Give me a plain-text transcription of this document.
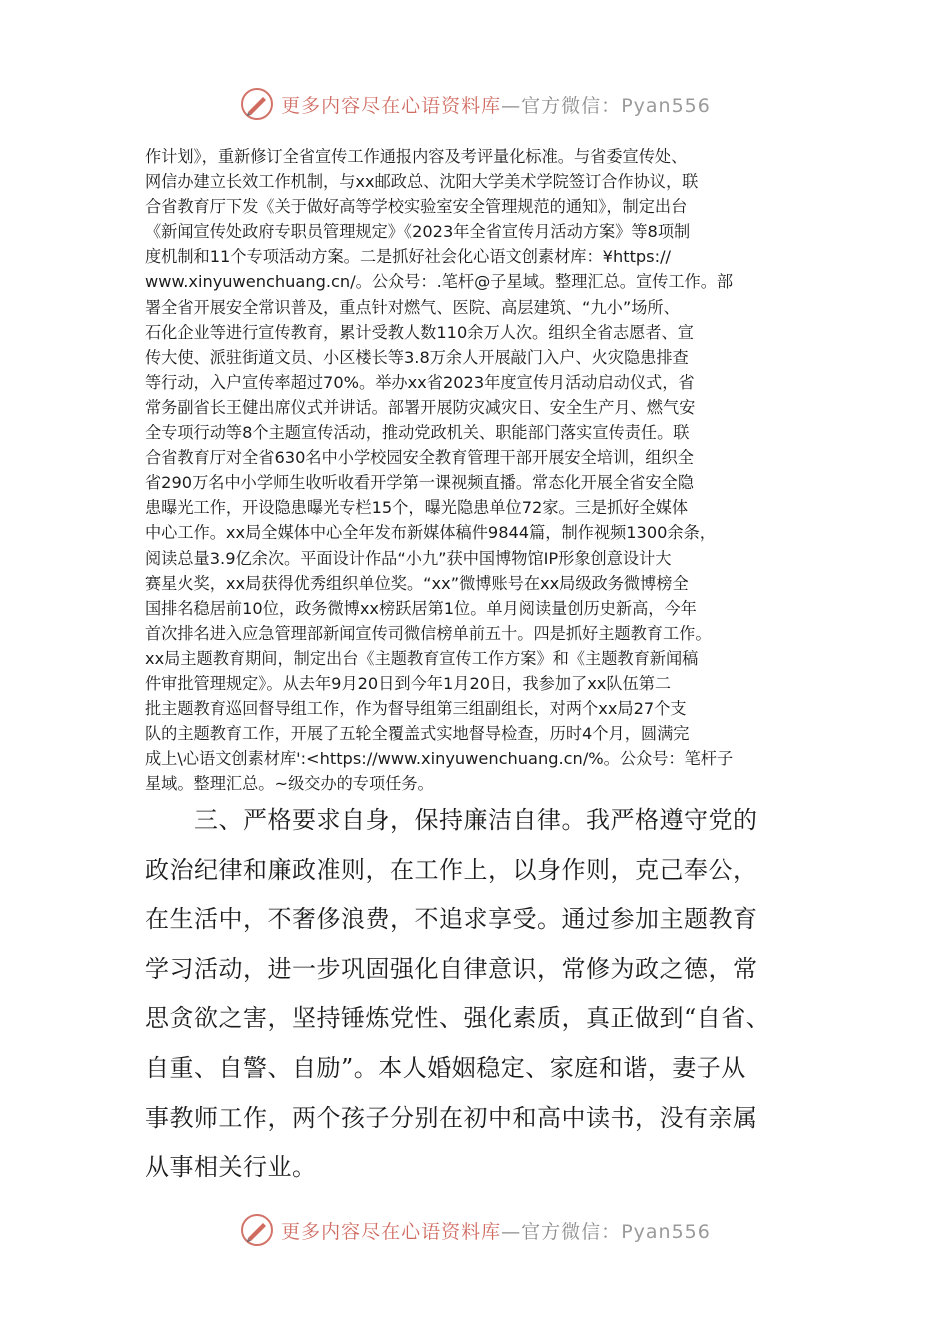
更多内容尽在心语资料库—官方微信：Pyan556
作计划》，重新修订全省宣传工作通报内容及考评量化标准。与省委宣传处、
网信办建立长效工作机制，与xx邮政总、沈阳大学美术学院签订合作协议，联
合省教育厅下发《关于做好高等学校实验室安全管理规范的通知》，制定出台
《新闻宣传处政府专职员管理规定》《2023年全省宣传月活动方案》等8项制
度机制和11个专项活动方案。二是抓好社会化心语文创素材库：¥https://
www.xinyuwenchuang.cn/。公众号：.笔杆@子星域。整理汇总。宣传工作。部
署全省开展安全常识普及，重点针对燃气、医院、高层建筑、“九小”场所、
石化企业等进行宣传教育，累计受教人数110余万人次。组织全省志愿者、宣
传大使、派驻街道文员、小区楼长等3.8万余人开展敲门入户、火灾隐患排查
等行动，入户宣传率超过70%。举办xx省2023年度宣传月活动启动仪式，省
常务副省长王健出席仪式并讲话。部署开展防灾减灾日、安全生产月、燃气安
全专项行动等8个主题宣传活动，推动党政机关、职能部门落实宣传责任。联
合省教育厅对全省630名中小学校园安全教育管理干部开展安全培训，组织全
省290万名中小学师生收听收看开学第一课视频直播。常态化开展全省安全隐
患曝光工作，开设隐患曝光专栏15个，曝光隐患单位72家。三是抓好全媒体
中心工作。xx局全媒体中心全年发布新媒体稿件9844篇，制作视频1300余条，
阅读总量3.9亿余次。平面设计作品“小九”获中国博物馆IP形象创意设计大
赛星火奖，xx局获得优秀组织单位奖。“xx”微博账号在xx局级政务微博榜全
国排名稳居前10位，政务微博xx榜跃居第1位。单月阅读量创历史新高，今年
首次排名进入应急管理部新闻宣传司微信榜单前五十。四是抓好主题教育工作。
xx局主题教育期间，制定出台《主题教育宣传工作方案》和《主题教育新闻稿
件审批管理规定》。从去年9月20日到今年1月20日，我参加了xx队伍第二
批主题教育巡回督导组工作，作为督导组第三组副组长，对两个xx局27个支
队的主题教育工作，开展了五轮全覆盖式实地督导检查，历时4个月，圆满完
成上\心语文创素材库':<https://www.xinyuwenchuang.cn/%。公众号：笔杆子
星域。整理汇总。~级交办的专项任务。
　　三、严格要求自身，保持廉洁自律。我严格遵守党的
政治纪律和廉政准则，在工作上，以身作则，克己奉公，
在生活中，不奢侈浪费，不追求享受。通过参加主题教育
学习活动，进一步巩固强化自律意识，常修为政之德，常
思贪欲之害，坚持锤炼党性、强化素质，真正做到“自省、
自重、自警、自励”。本人婚姻稳定、家庭和谐，妻子从
事教师工作，两个孩子分别在初中和高中读书，没有亲属
从事相关行业。
更多内容尽在心语资料库—官方微信：Pyan556
